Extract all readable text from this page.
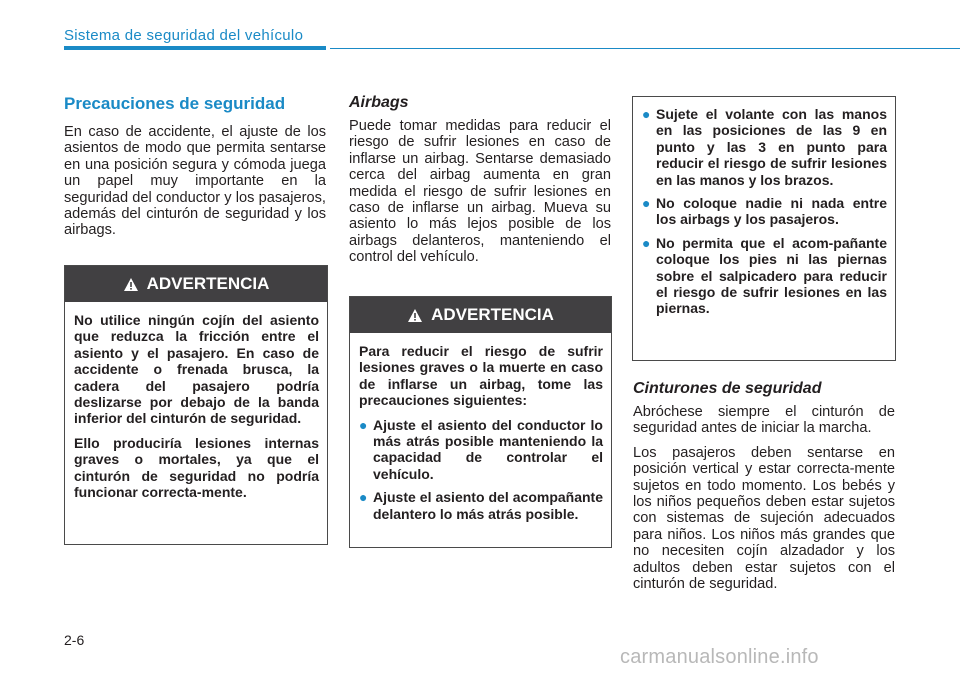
Sistema de seguridad del vehículo
Precauciones de seguridad

En caso de accidente, el ajuste de los asientos de modo que permita sentarse en una posición segura y cómoda juega un papel muy importante en la seguridad del conductor y los pasajeros, además del cinturón de seguridad y los airbags.

ADVERTENCIA

No utilice ningún cojín del asiento que reduzca la fricción entre el asiento y el pasajero. En caso de accidente o frenada brusca, la cadera del pasajero podría deslizarse por debajo de la banda inferior del cinturón de seguridad.

Ello produciría lesiones internas graves o mortales, ya que el cinturón de seguridad no podría funcionar correcta-mente.

Airbags

Puede tomar medidas para reducir el riesgo de sufrir lesiones en caso de inflarse un airbag. Sentarse demasiado cerca del airbag aumenta en gran medida el riesgo de sufrir lesiones en caso de inflarse un airbag. Mueva su asiento lo más lejos posible de los airbags delanteros, manteniendo el control del vehículo.

ADVERTENCIA

Para reducir el riesgo de sufrir lesiones graves o la muerte en caso de inflarse un airbag, tome las precauciones siguientes:

● Ajuste el asiento del conductor lo más atrás posible manteniendo la capacidad de controlar el vehículo.
● Ajuste el asiento del acompañante delantero lo más atrás posible.
● Sujete el volante con las manos en las posiciones de las 9 en punto y las 3 en punto para reducir el riesgo de sufrir lesiones en las manos y los brazos.
● No coloque nadie ni nada entre los airbags y los pasajeros.
● No permita que el acom-pañante coloque los pies ni las piernas sobre el salpicadero para reducir el riesgo de sufrir lesiones en las piernas.
Cinturones de seguridad

Abróchese siempre el cinturón de seguridad antes de iniciar la marcha.

Los pasajeros deben sentarse en posición vertical y estar correcta-mente sujetos en todo momento. Los bebés y los niños pequeños deben estar sujetos con sistemas de sujeción adecuados para niños. Los niños más grandes que no necesiten cojín alzadador y los adultos deben estar sujetos con el cinturón de seguridad.

2-6
carmanualsonline.info
